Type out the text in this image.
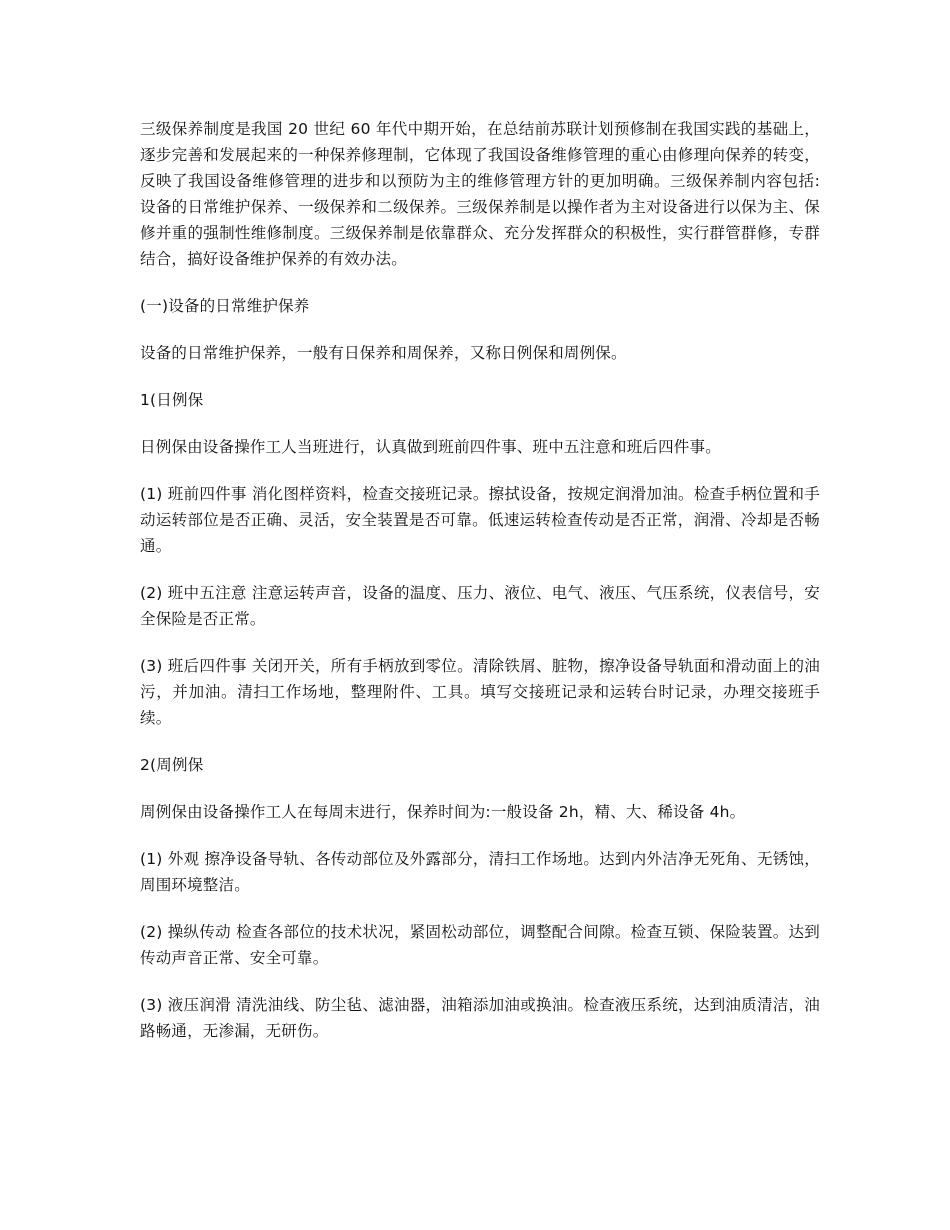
三级保养制度是我国 20 世纪 60 年代中期开始，在总结前苏联计划预修制在我国实践的基础上，逐步完善和发展起来的一种保养修理制，它体现了我国设备维修管理的重心由修理向保养的转变，反映了我国设备维修管理的进步和以预防为主的维修管理方针的更加明确。三级保养制内容包括:设备的日常维护保养、一级保养和二级保养。三级保养制是以操作者为主对设备进行以保为主、保修并重的强制性维修制度。三级保养制是依靠群众、充分发挥群众的积极性，实行群管群修，专群结合，搞好设备维护保养的有效办法。

(一)设备的日常维护保养

设备的日常维护保养，一般有日保养和周保养，又称日例保和周例保。

1(日例保

日例保由设备操作工人当班进行，认真做到班前四件事、班中五注意和班后四件事。

(1) 班前四件事 消化图样资料，检查交接班记录。擦拭设备，按规定润滑加油。检查手柄位置和手动运转部位是否正确、灵活，安全装置是否可靠。低速运转检查传动是否正常，润滑、冷却是否畅通。

(2) 班中五注意 注意运转声音，设备的温度、压力、液位、电气、液压、气压系统，仪表信号，安全保险是否正常。

(3) 班后四件事 关闭开关，所有手柄放到零位。清除铁屑、脏物，擦净设备导轨面和滑动面上的油污，并加油。清扫工作场地，整理附件、工具。填写交接班记录和运转台时记录，办理交接班手续。

2(周例保

周例保由设备操作工人在每周末进行，保养时间为:一般设备 2h，精、大、稀设备 4h。

(1) 外观 擦净设备导轨、各传动部位及外露部分，清扫工作场地。达到内外洁净无死角、无锈蚀，周围环境整洁。

(2) 操纵传动 检查各部位的技术状况，紧固松动部位，调整配合间隙。检查互锁、保险装置。达到传动声音正常、安全可靠。

(3) 液压润滑 清洗油线、防尘毡、滤油器，油箱添加油或换油。检查液压系统，达到油质清洁，油路畅通，无渗漏，无研伤。
